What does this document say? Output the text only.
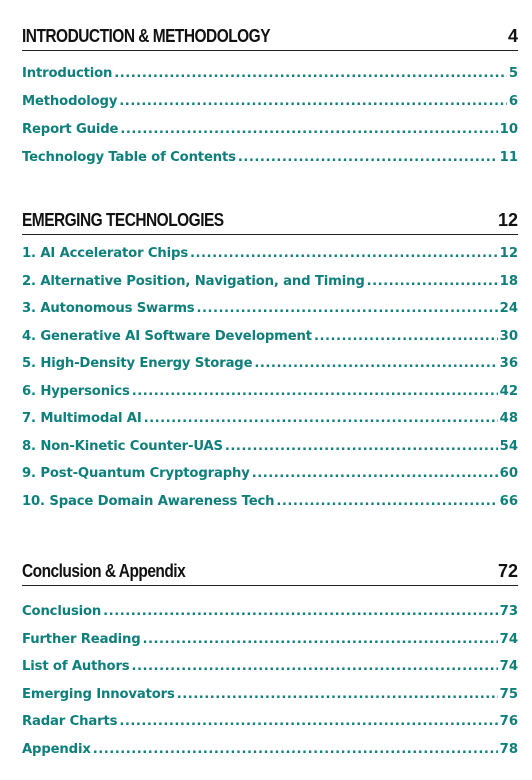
INTRODUCTION & METHODOLOGY	4
Introduction .....	5
Methodology .....	6
Report Guide .....	10
Technology Table of Contents .....	11
EMERGING TECHNOLOGIES	12
1. AI Accelerator Chips .....	12
2. Alternative Position, Navigation, and Timing .....	18
3. Autonomous Swarms .....	24
4. Generative AI Software Development .....	30
5. High-Density Energy Storage .....	36
6. Hypersonics .....	42
7. Multimodal AI .....	48
8. Non-Kinetic Counter-UAS .....	54
9. Post-Quantum Cryptography .....	60
10. Space Domain Awareness Tech .....	66
Conclusion & Appendix	72
Conclusion .....	73
Further Reading .....	74
List of Authors .....	74
Emerging Innovators .....	75
Radar Charts .....	76
Appendix .....	78
